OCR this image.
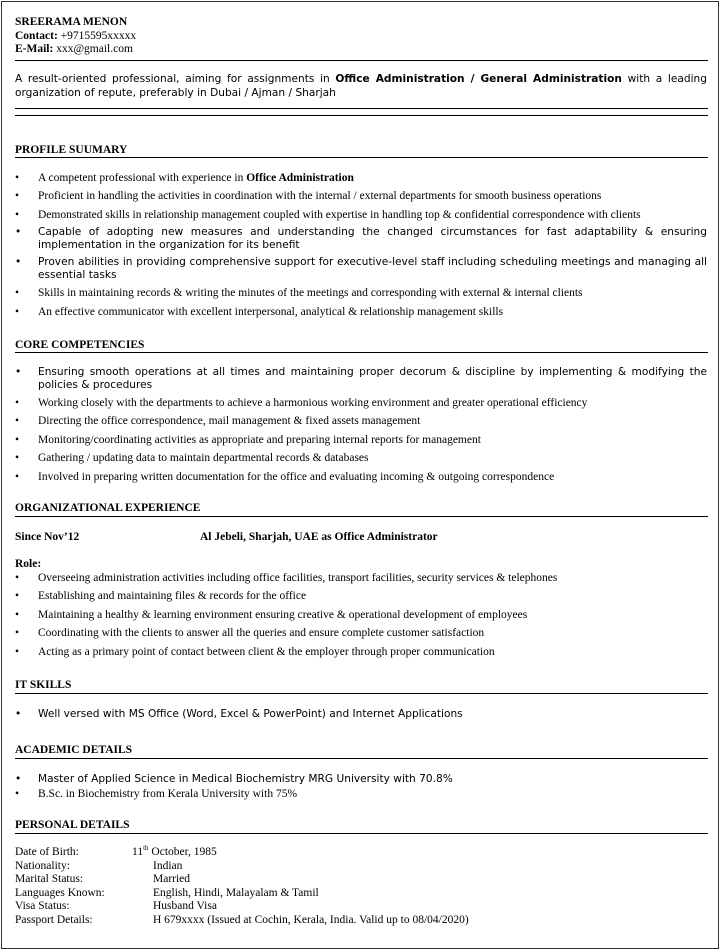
SREERAMA MENON
Contact: +9715595xxxxx
E-Mail: xxx@gmail.com
A result-oriented professional, aiming for assignments in Office Administration / General Administration with a leading organization of repute, preferably in Dubai / Ajman / Sharjah
PROFILE SUUMARY
• A competent professional with experience in Office Administration
• Proficient in handling the activities in coordination with the internal / external departments for smooth business operations
• Demonstrated skills in relationship management coupled with expertise in handling top & confidential correspondence with clients
• Capable of adopting new measures and understanding the changed circumstances for fast adaptability & ensuring implementation in the organization for its benefit
• Proven abilities in providing comprehensive support for executive-level staff including scheduling meetings and managing all essential tasks
• Skills in maintaining records & writing the minutes of the meetings and corresponding with external & internal clients
• An effective communicator with excellent interpersonal, analytical & relationship management skills
CORE COMPETENCIES
• Ensuring smooth operations at all times and maintaining proper decorum & discipline by implementing & modifying the policies & procedures
• Working closely with the departments to achieve a harmonious working environment and greater operational efficiency
• Directing the office correspondence, mail management & fixed assets management
• Monitoring/coordinating activities as appropriate and preparing internal reports for management
• Gathering / updating data to maintain departmental records & databases
• Involved in preparing written documentation for the office and evaluating incoming & outgoing correspondence
ORGANIZATIONAL EXPERIENCE
Since Nov’12	Al Jebeli, Sharjah, UAE as Office Administrator
Role:
• Overseeing administration activities including office facilities, transport facilities, security services & telephones
• Establishing and maintaining files & records for the office
• Maintaining a healthy & learning environment ensuring creative & operational development of employees
• Coordinating with the clients to answer all the queries and ensure complete customer satisfaction
• Acting as a primary point of contact between client & the employer through proper communication
IT SKILLS
• Well versed with MS Office (Word, Excel & PowerPoint) and Internet Applications
ACADEMIC DETAILS
• Master of Applied Science in Medical Biochemistry MRG University with 70.8%
• B.Sc. in Biochemistry from Kerala University with 75%
PERSONAL DETAILS
Date of Birth:	11th October, 1985
Nationality:	Indian
Marital Status:	Married
Languages Known:	English, Hindi, Malayalam & Tamil
Visa Status:	Husband Visa
Passport Details:	H 679xxxx (Issued at Cochin, Kerala, India. Valid up to 08/04/2020)
